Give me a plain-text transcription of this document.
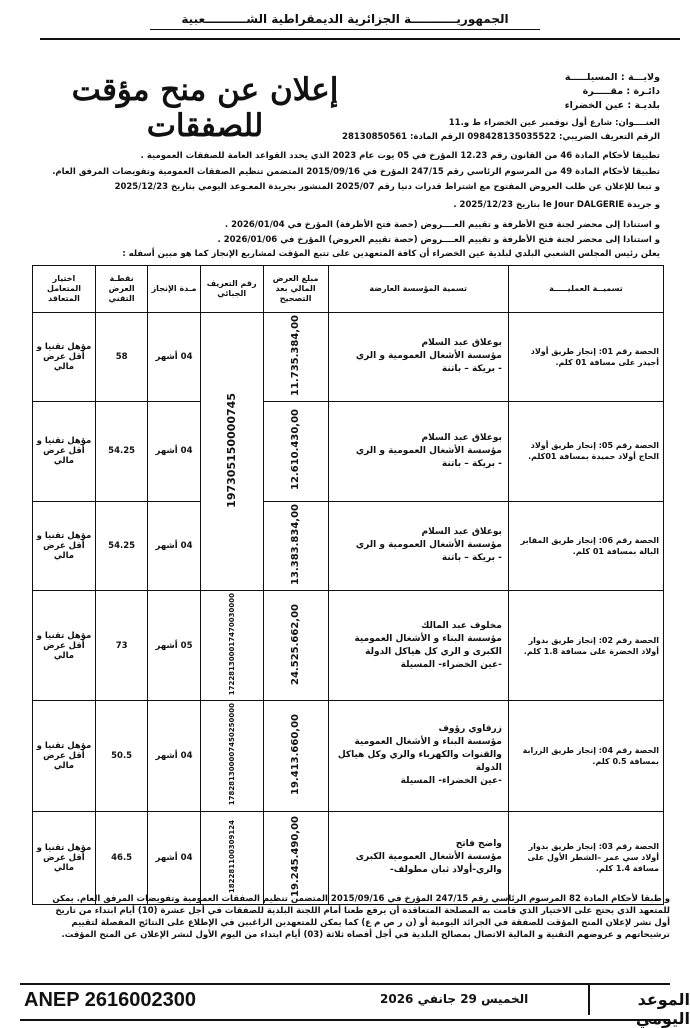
الجمهوريـــــــــــة الجزائرية الديمقراطية الشــــــــــعبية
ولايـــة : المسيلـــــة
دائـرة : مقـــــرة
بلديـة : عين الخضراء
إعلان عن منح مؤقت للصفقات	العنــــوان: شارع أول نوفمبر عين الخضراء ط و.11
الرقم التعريف الضريبي: 098428135035522 الرقم المادة: 28130850561
تطبيقا لأحكام المادة 46 من القانون رقم 12.23 المؤرخ في 05 يوت عام 2023 الذي يحدد القواعد العامة للصفقات العمومية .
تطبيقا لأحكام المادة 49 من المرسوم الرئاسي رقم 247/15 المؤرخ في 2015/09/16 المتضمن تنظيم الصفقات العمومية وتفويضات المرفق العام.
و تبعا للإعلان عن طلب العروض المفتوح مع اشتراط قدرات دنيا رقم 2025/07 المنشور بجريدة المعـوعد اليومي بتاريخ 2025/12/23
و جريدة le Jour DALGERIE بتاريخ 2025/12/23 .
و استنادا إلى محضر لجنة فتح الأظرفة و تقييم العــــروض (حصة فتح الأظرفة) المؤرخ في 2026/01/04 .
و استنادا إلى محضر لجنة فتح الأظرفة و تقييم العــــروض (حصة تقييم العروض) المؤرخ في 2026/01/06 .
يعلن رئيس المجلس الشعبي البلدي لبلدية عين الخضراء أن كافة المتعهدين على تتبع المؤقت لمشاريع الإنجاز كما هو مبين أسفله :
تسميــة العمليـــــة	تسمية المؤسسة العارضة	مبلغ العرض المالي بعد التصحيح	رقم التعريف الجبائي	مـدة الإنجاز	نقطـة العرض التقني	اختيار المتعامل المتعاقد
الحصة رقم 01: إنجاز طريق أولاد أجيدر على مسافة 01 كلم.	بوعلاق عبد السلام
مؤسسة الأشغال العمومية و الري
- بريكة – باتنة	11.735.384,00	197305150000745	04 أشهر	58	مؤهل تقنيا و أقل عرض مالي
الحصة رقم 05: إنجاز طريق أولاد الحاج أولاد حميدة بمسافة 01كلم.	بوعلاق عبد السلام
مؤسسة الأشغال العمومية و الري
- بريكة – باتنة	12.610.430,00		04 أشهر	54.25	مؤهل تقنيا و أقل عرض مالي
الحصة رقم 06: إنجاز طريق المقابر البالة بمسافة 01 كلم.	بوعلاق عبد السلام
مؤسسة الأشغال العمومية و الري
- بريكة – باتنة	13.383.834,00		04 أشهر	54.25	مؤهل تقنيا و أقل عرض مالي
الحصة رقم 02: إنجاز طريق بدوار أولاد الخضرة على مسافة 1.8 كلم.	مخلوف عبد المالك
مؤسسة البناء و الأشغال العمومية الكبرى و الري كل هياكل الدولة
-عين الخضراء- المسيلة	24.525.662,00	172281300017470030000	05 أشهر	73	مؤهل تقنيا و أقل عرض مالي
الحصة رقم 04: إنجاز طريق الزرابة بمسافة 0.5 كلم.	زرقاوي رؤوف
مؤسسة البناء و الأشغال العمومية والقنوات والكهرباء والري وكل هياكل الدولة
-عين الخضراء- المسيلة	19.413.660,00	178281300007450250000	04 أشهر	50.5	مؤهل تقنيا و أقل عرض مالي
الحصة رقم 03: إنجاز طريق بدوار أولاد سي عمر –الشطر الأول على مسافة 1.4 كلم.	واضح فاتح
مؤسسة الأشغال العمومية الكبرى
والري-أولاد ثبان مطولف-	19.245.490,00	182281100309124	04 أشهر	46.5	مؤهل تقنيا و أقل عرض مالي
و طبقا لأحكام المادة 82 المرسوم الرئاسي رقم 247/15 المؤرخ في 2015/09/16 المتضمن تنظيم الصفقات العمومية وتفويضات المرفق العام. يمكن للمتعهد الذي يحتج على الاختيار الذي قامت به المصلحة المتعاقدة أن يرفع طعنا أمام اللجنة البلدية للصفقات في أجل عشرة (10) أيام ابتداء من تاريخ أول نشر لإعلان المنح المؤقت للصفقة في الجرائد اليومية أو (ن ر ص م ع) كما يمكن للمتعهدين الراغبين في الإطلاع على النتائج المفصلة لتقييم ترشيحاتهم و عروضهم التقنية و المالية الاتصال بمصالح البلدية في أجل أقصاه ثلاثة (03) أيام ابتداء من اليوم الأول لنشر الإعلان عن المنح المؤقت.
ANEP 2616002300	الخميس 29 جانفي 2026	الموعد اليومي
